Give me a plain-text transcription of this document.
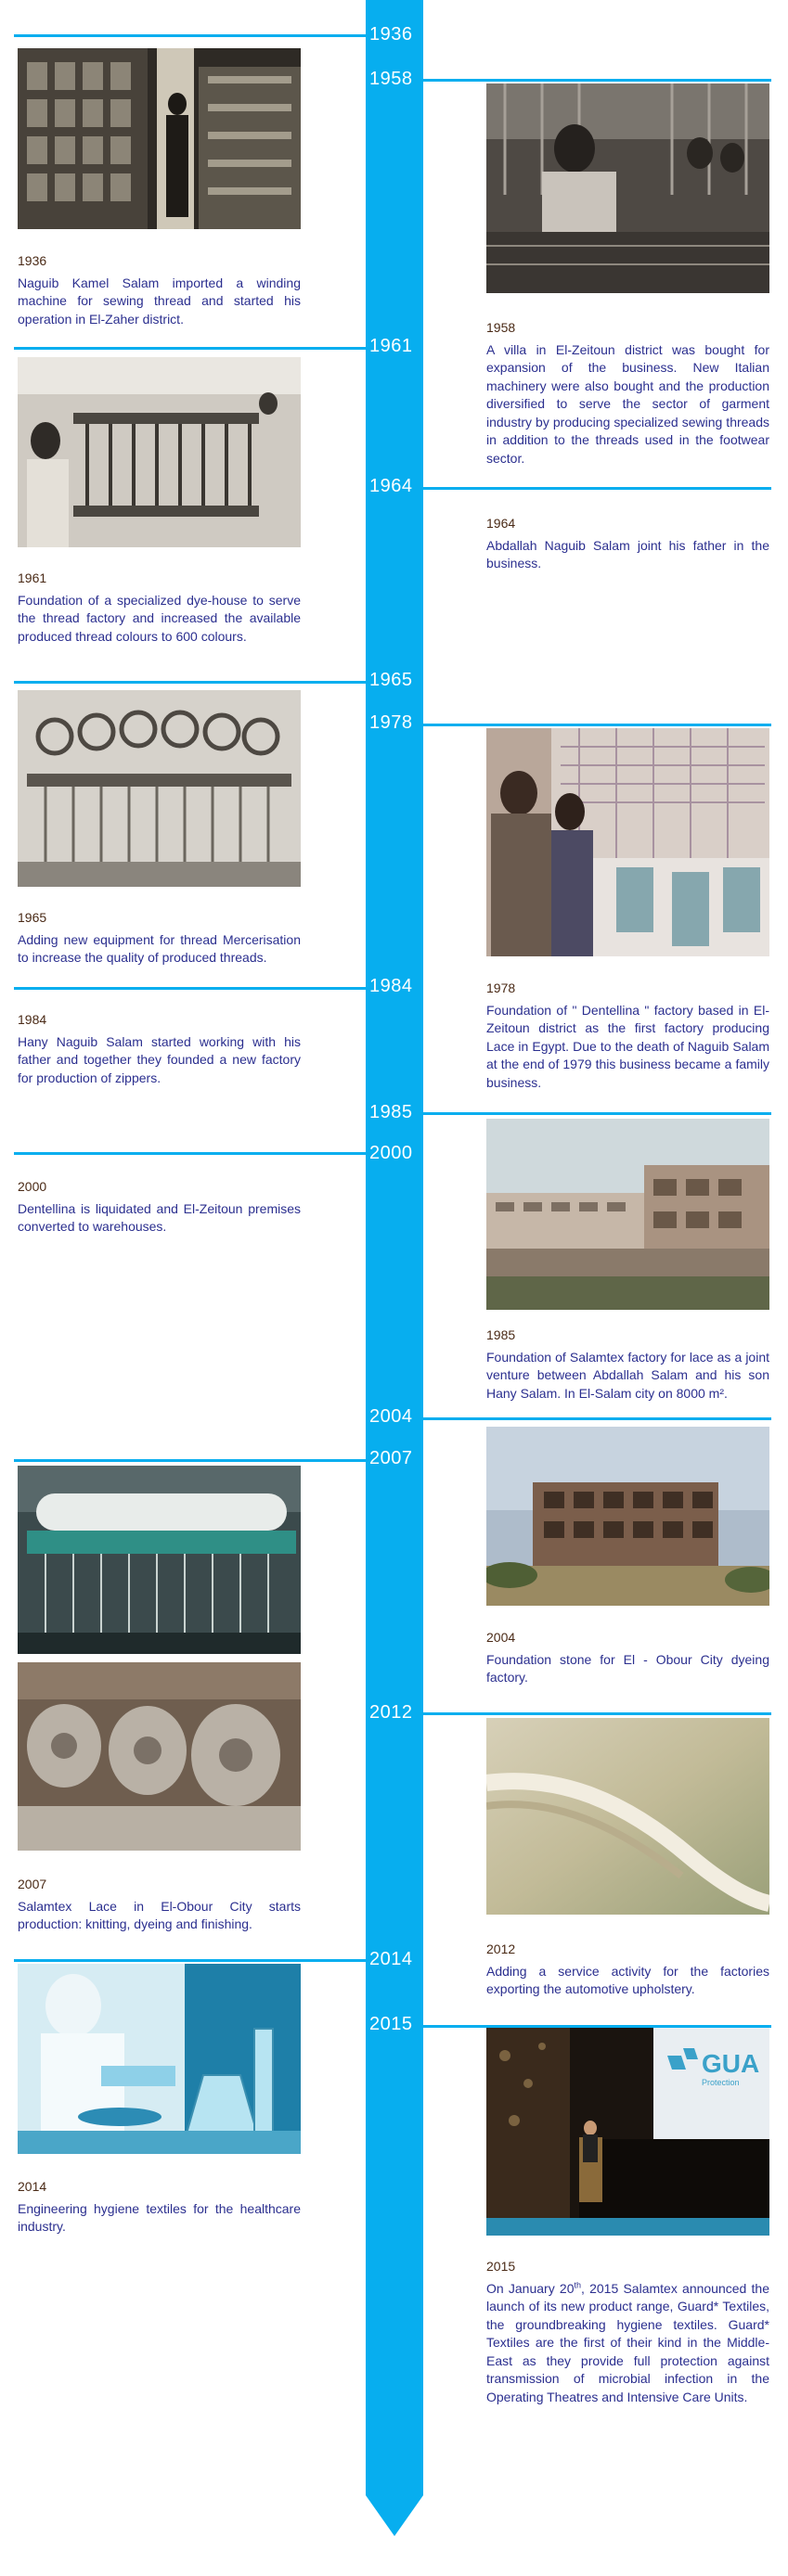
1936
1958
1961
1964
1965
1978
1984
1985
2000
2004
2007
2012
2014
2015
GUA
Protection
1936
Naguib Kamel Salam imported a winding machine for sewing thread and started his operation in El-Zaher district.
1958
A villa in El-Zeitoun district was bought for expansion of the business. New Italian machinery were also bought and the production diversified to serve the sector of garment industry by producing specialized sewing threads in addition to the threads used in the footwear sector.
1961
Foundation of a specialized dye-house to serve the thread factory and increased the available produced thread colours to 600 colours.
1964
Abdallah Naguib Salam joint his father in the business.
1965
Adding new equipment for thread Mercerisation to increase the quality of produced threads.
1978
Foundation of " Dentellina " factory based in El-Zeitoun district as the first factory producing Lace in Egypt. Due to the death of Naguib Salam at the end of 1979 this business became a family business.
1984
Hany Naguib Salam started working with his father and together they founded a new factory for production of zippers.
1985
Foundation of Salamtex factory for lace as a joint venture between Abdallah Salam and his son Hany Salam. In El-Salam city on 8000 m².
2000
Dentellina is liquidated and El-Zeitoun premises converted to warehouses.
2004
Foundation stone for El - Obour City dyeing factory.
2007
Salamtex Lace in El-Obour City starts production: knitting, dyeing and finishing.
2012
Adding a service activity for the factories exporting the automotive upholstery.
2014
Engineering hygiene textiles for the healthcare industry.
2015
On January 20th, 2015 Salamtex announced the launch of its new product range, Guard* Textiles, the groundbreaking hygiene textiles. Guard* Textiles are the first of their kind in the Middle-East as they provide full protection against transmission of microbial infection in the Operating Theatres and Intensive Care Units.
